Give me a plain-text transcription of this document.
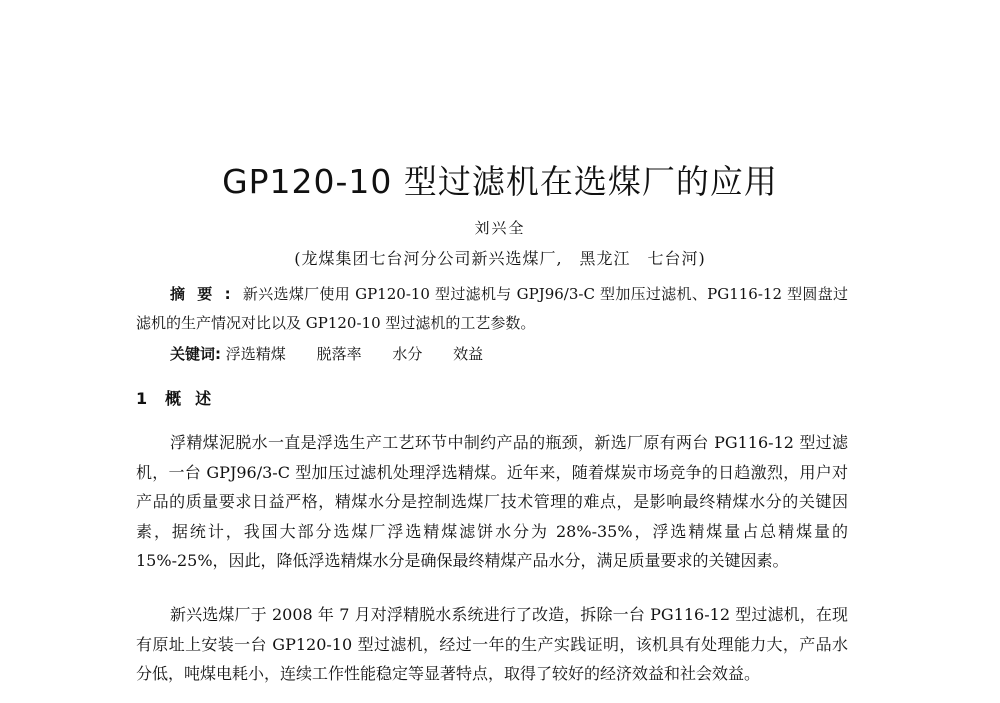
GP120-10 型过滤机在选煤厂的应用
刘兴全
(龙煤集团七台河分公司新兴选煤厂,　黑龙江　七台河)

摘要:新兴选煤厂使用 GP120-10 型过滤机与 GPJ96/3-C 型加压过滤机、PG116-12 型圆盘过滤机的生产情况对比以及 GP120-10 型过滤机的工艺参数。

关键词: 浮选精煤 脱落率 水分 效益
1 概述

浮精煤泥脱水一直是浮选生产工艺环节中制约产品的瓶颈，新选厂原有两台 PG116-12 型过滤机，一台 GPJ96/3-C 型加压过滤机处理浮选精煤。近年来，随着煤炭市场竞争的日趋激烈，用户对产品的质量要求日益严格，精煤水分是控制选煤厂技术管理的难点，是影响最终精煤水分的关键因素，据统计，我国大部分选煤厂浮选精煤滤饼水分为 28%-35%，浮选精煤量占总精煤量的 15%-25%，因此，降低浮选精煤水分是确保最终精煤产品水分，满足质量要求的关键因素。

新兴选煤厂于 2008 年 7 月对浮精脱水系统进行了改造，拆除一台 PG116-12 型过滤机，在现有原址上安装一台 GP120-10 型过滤机，经过一年的生产实践证明，该机具有处理能力大，产品水分低，吨煤电耗小，连续工作性能稳定等显著特点，取得了较好的经济效益和社会效益。
